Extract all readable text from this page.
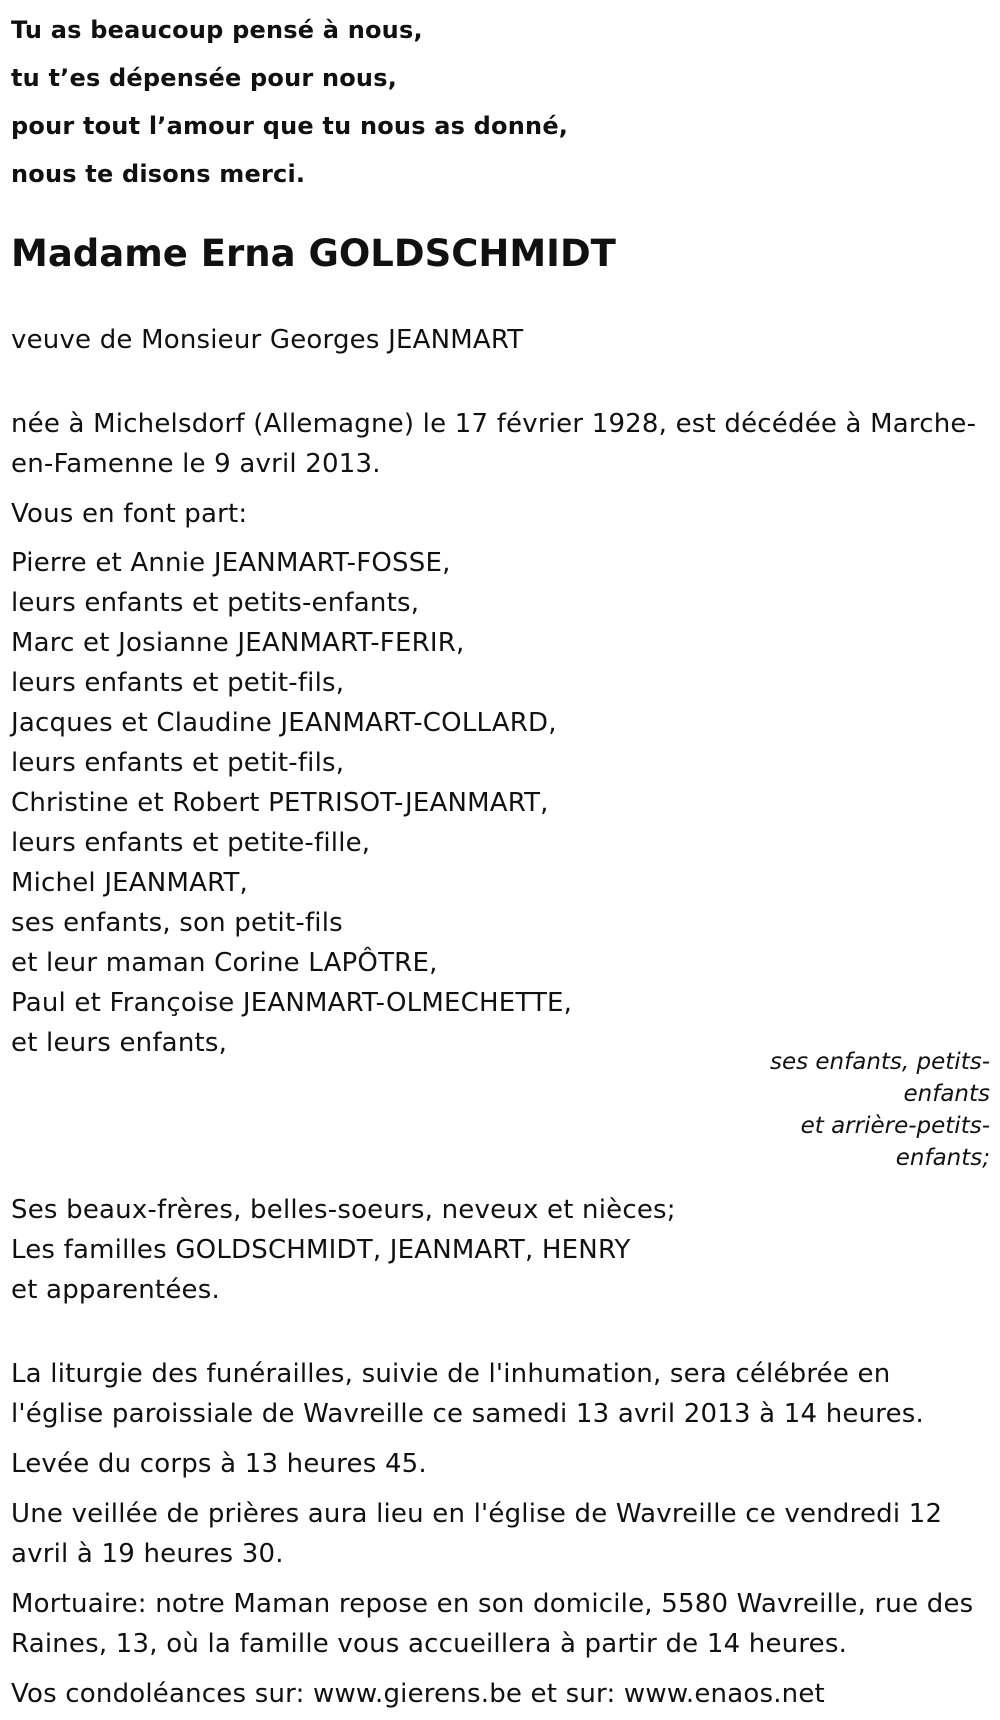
Tu as beaucoup pensé à nous,
tu t’es dépensée pour nous,
pour tout l’amour que tu nous as donné,
nous te disons merci.
Madame Erna GOLDSCHMIDT
veuve de Monsieur Georges JEANMART
née à Michelsdorf (Allemagne) le 17 février 1928, est décédée à Marche-en-Famenne le 9 avril 2013.
Vous en font part:
Pierre et Annie JEANMART-FOSSE,
leurs enfants et petits-enfants,
Marc et Josianne JEANMART-FERIR,
leurs enfants et petit-fils,
Jacques et Claudine JEANMART-COLLARD,
leurs enfants et petit-fils,
Christine et Robert PETRISOT-JEANMART,
leurs enfants et petite-fille,
Michel JEANMART,
ses enfants, son petit-fils
et leur maman Corine LAPÔTRE,
Paul et Françoise JEANMART-OLMECHETTE,
et leurs enfants,
ses enfants, petits-
enfants
et arrière-petits-
enfants;
Ses beaux-frères, belles-soeurs, neveux et nièces;
Les familles GOLDSCHMIDT, JEANMART, HENRY
et apparentées.
La liturgie des funérailles, suivie de l'inhumation, sera célébrée en l'église paroissiale de Wavreille ce samedi 13 avril 2013 à 14 heures.
Levée du corps à 13 heures 45.
Une veillée de prières aura lieu en l'église de Wavreille ce vendredi 12 avril à 19 heures 30.
Mortuaire: notre Maman repose en son domicile, 5580 Wavreille, rue des Raines, 13, où la famille vous accueillera à partir de 14 heures.
Vos condoléances sur: www.gierens.be et sur: www.enaos.net
